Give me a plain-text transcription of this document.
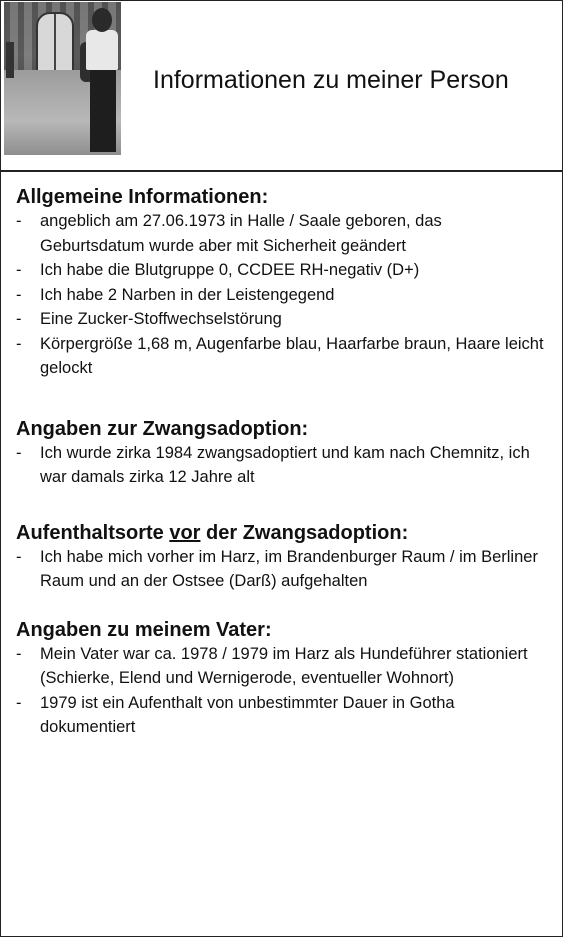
Informationen zu meiner Person
Allgemeine Informationen:
- angeblich am 27.06.1973 in Halle / Saale geboren, das Geburtsdatum wurde aber mit Sicherheit geändert
- Ich habe die Blutgruppe 0, CCDEE RH-negativ (D+)
- Ich habe 2 Narben in der Leistengegend
- Eine Zucker-Stoffwechselstörung
- Körpergröße 1,68 m, Augenfarbe blau, Haarfarbe braun, Haare leicht gelockt
Angaben zur Zwangsadoption:
- Ich wurde zirka 1984 zwangsadoptiert und kam nach Chemnitz, ich war damals zirka 12 Jahre alt
Aufenthaltsorte vor der Zwangsadoption:
- Ich habe mich vorher im Harz, im Brandenburger Raum / im Berliner Raum und an der Ostsee (Darß) aufgehalten
Angaben zu meinem Vater:
- Mein Vater war ca. 1978 / 1979 im Harz als Hundeführer stationiert (Schierke, Elend und Wernigerode, eventueller Wohnort)
- 1979 ist ein Aufenthalt von unbestimmter Dauer in Gotha dokumentiert
